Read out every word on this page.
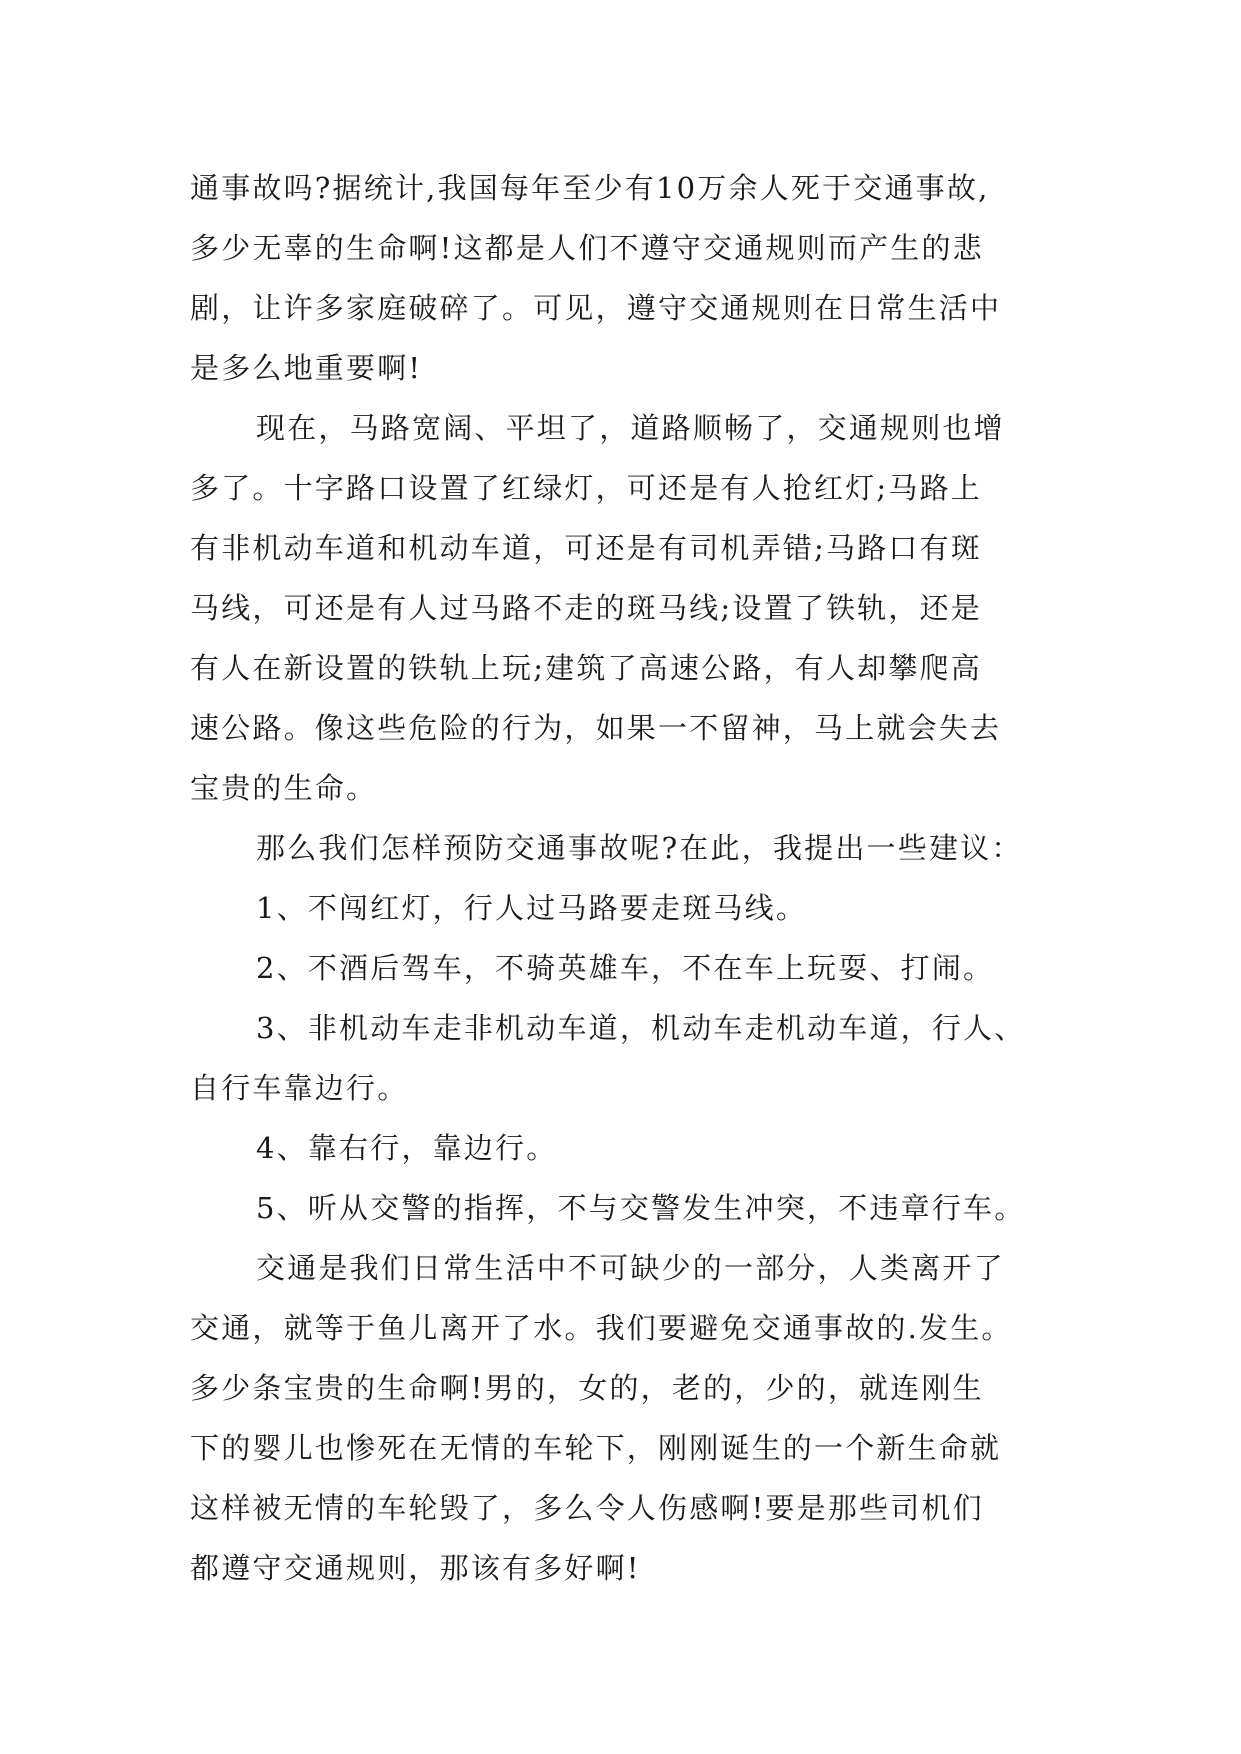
通事故吗?据统计,我国每年至少有10万余人死于交通事故,
多少无辜的生命啊!这都是人们不遵守交通规则而产生的悲
剧，让许多家庭破碎了。可见，遵守交通规则在日常生活中
是多么地重要啊!
现在，马路宽阔、平坦了，道路顺畅了，交通规则也增
多了。十字路口设置了红绿灯，可还是有人抢红灯;马路上
有非机动车道和机动车道，可还是有司机弄错;马路口有斑
马线，可还是有人过马路不走的斑马线;设置了铁轨，还是
有人在新设置的铁轨上玩;建筑了高速公路，有人却攀爬高
速公路。像这些危险的行为，如果一不留神，马上就会失去
宝贵的生命。
那么我们怎样预防交通事故呢?在此，我提出一些建议：
1、不闯红灯，行人过马路要走斑马线。
2、不酒后驾车，不骑英雄车，不在车上玩耍、打闹。
3、非机动车走非机动车道，机动车走机动车道，行人、
自行车靠边行。
4、靠右行，靠边行。
5、听从交警的指挥，不与交警发生冲突，不违章行车。
交通是我们日常生活中不可缺少的一部分，人类离开了
交通，就等于鱼儿离开了水。我们要避免交通事故的.发生。
多少条宝贵的生命啊!男的，女的，老的，少的，就连刚生
下的婴儿也惨死在无情的车轮下，刚刚诞生的一个新生命就
这样被无情的车轮毁了，多么令人伤感啊!要是那些司机们
都遵守交通规则，那该有多好啊!
